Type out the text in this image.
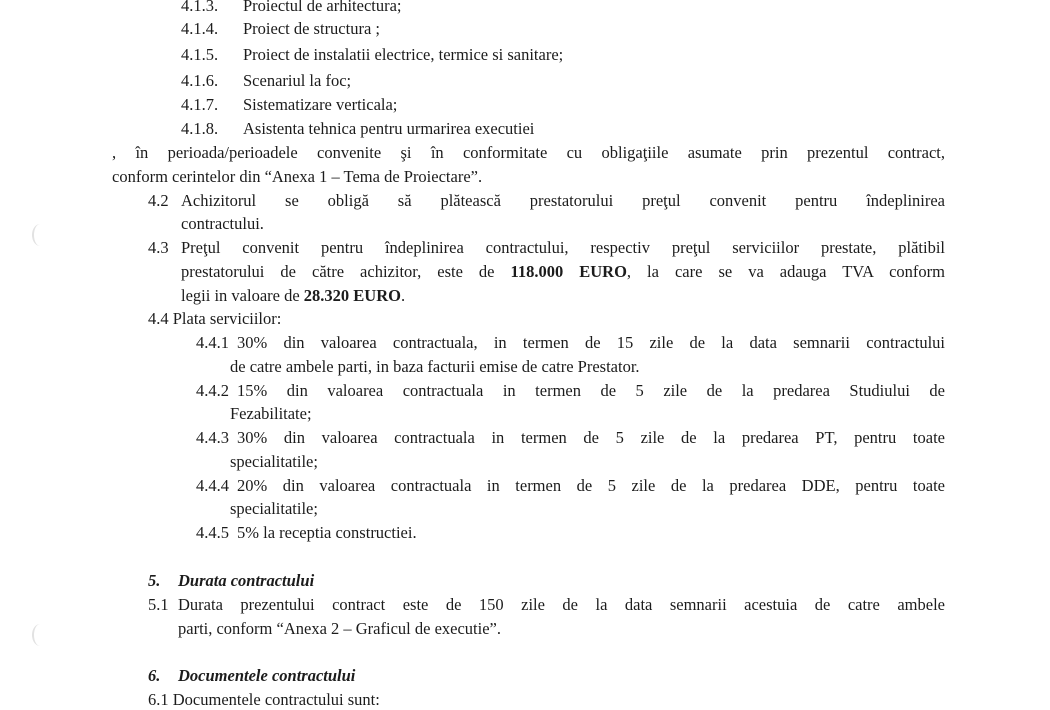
4.1.3. Proiectul de arhitectura;
4.1.4. Proiect de structura ;
4.1.5. Proiect de instalatii electrice, termice si sanitare;
4.1.6. Scenariul la foc;
4.1.7. Sistematizare verticala;
4.1.8. Asistenta tehnica pentru urmarirea executiei
, în perioada/perioadele convenite şi în conformitate cu obligaţiile asumate prin prezentul contract,
conform cerintelor din “Anexa 1 – Tema de Proiectare”.
4.2 Achizitorul se obligă să plătească prestatorului preţul convenit pentru îndeplinirea
contractului.
4.3 Preţul convenit pentru îndeplinirea contractului, respectiv preţul serviciilor prestate, plătibil
prestatorului de către achizitor, este de 118.000 EURO, la care se va adauga TVA conform
legii in valoare de 28.320 EURO.
4.4 Plata serviciilor:
4.4.1 30% din valoarea contractuala, in termen de 15 zile de la data semnarii contractului
de catre ambele parti, in baza facturii emise de catre Prestator.
4.4.2 15% din valoarea contractuala in termen de 5 zile de la predarea Studiului de
Fezabilitate;
4.4.3 30% din valoarea contractuala in termen de 5 zile de la predarea PT, pentru toate
specialitatile;
4.4.4 20% din valoarea contractuala in termen de 5 zile de la predarea DDE, pentru toate
specialitatile;
4.4.5 5% la receptia constructiei.
5. Durata contractului
5.1 Durata prezentului contract este de 150 zile de la data semnarii acestuia de catre ambele
parti, conform “Anexa 2 – Graficul de executie”.
6. Documentele contractului
6.1 Documentele contractului sunt:
